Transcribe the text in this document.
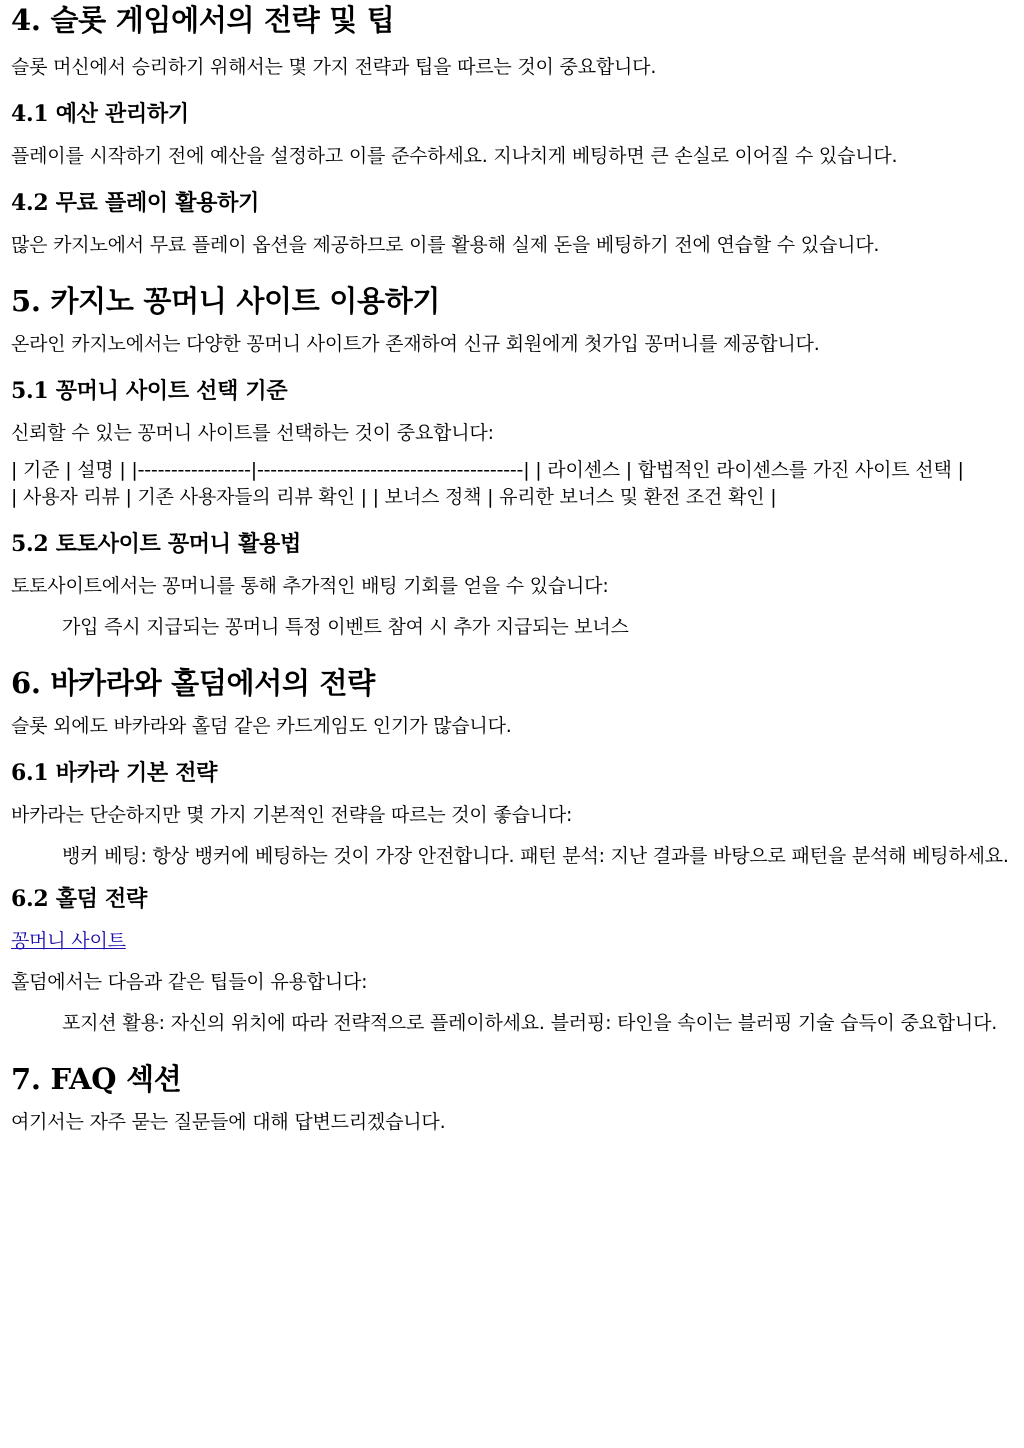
4. 슬롯 게임에서의 전략 및 팁

슬롯 머신에서 승리하기 위해서는 몇 가지 전략과 팁을 따르는 것이 중요합니다.

4.1 예산 관리하기

플레이를 시작하기 전에 예산을 설정하고 이를 준수하세요. 지나치게 베팅하면 큰 손실로 이어질 수 있습니다.

4.2 무료 플레이 활용하기

많은 카지노에서 무료 플레이 옵션을 제공하므로 이를 활용해 실제 돈을 베팅하기 전에 연습할 수 있습니다.

5. 카지노 꽁머니 사이트 이용하기

온라인 카지노에서는 다양한 꽁머니 사이트가 존재하여 신규 회원에게 첫가입 꽁머니를 제공합니다.

5.1 꽁머니 사이트 선택 기준

신뢰할 수 있는 꽁머니 사이트를 선택하는 것이 중요합니다:

| 기준 | 설명 | |-----------------|----------------------------------------| | 라이센스 | 합법적인 라이센스를 가진 사이트 선택 |
| 사용자 리뷰 | 기존 사용자들의 리뷰 확인 | | 보너스 정책 | 유리한 보너스 및 환전 조건 확인 |
5.2 토토사이트 꽁머니 활용법

토토사이트에서는 꽁머니를 통해 추가적인 배팅 기회를 얻을 수 있습니다:

가입 즉시 지급되는 꽁머니 특정 이벤트 참여 시 추가 지급되는 보너스
6. 바카라와 홀덤에서의 전략

슬롯 외에도 바카라와 홀덤 같은 카드게임도 인기가 많습니다.

6.1 바카라 기본 전략

바카라는 단순하지만 몇 가지 기본적인 전략을 따르는 것이 좋습니다:

뱅커 베팅: 항상 뱅커에 베팅하는 것이 가장 안전합니다. 패턴 분석: 지난 결과를 바탕으로 패턴을 분석해 베팅하세요.
6.2 홀덤 전략

꽁머니 사이트

홀덤에서는 다음과 같은 팁들이 유용합니다:

포지션 활용: 자신의 위치에 따라 전략적으로 플레이하세요. 블러핑: 타인을 속이는 블러핑 기술 습득이 중요합니다.
7. FAQ 섹션

여기서는 자주 묻는 질문들에 대해 답변드리겠습니다.
